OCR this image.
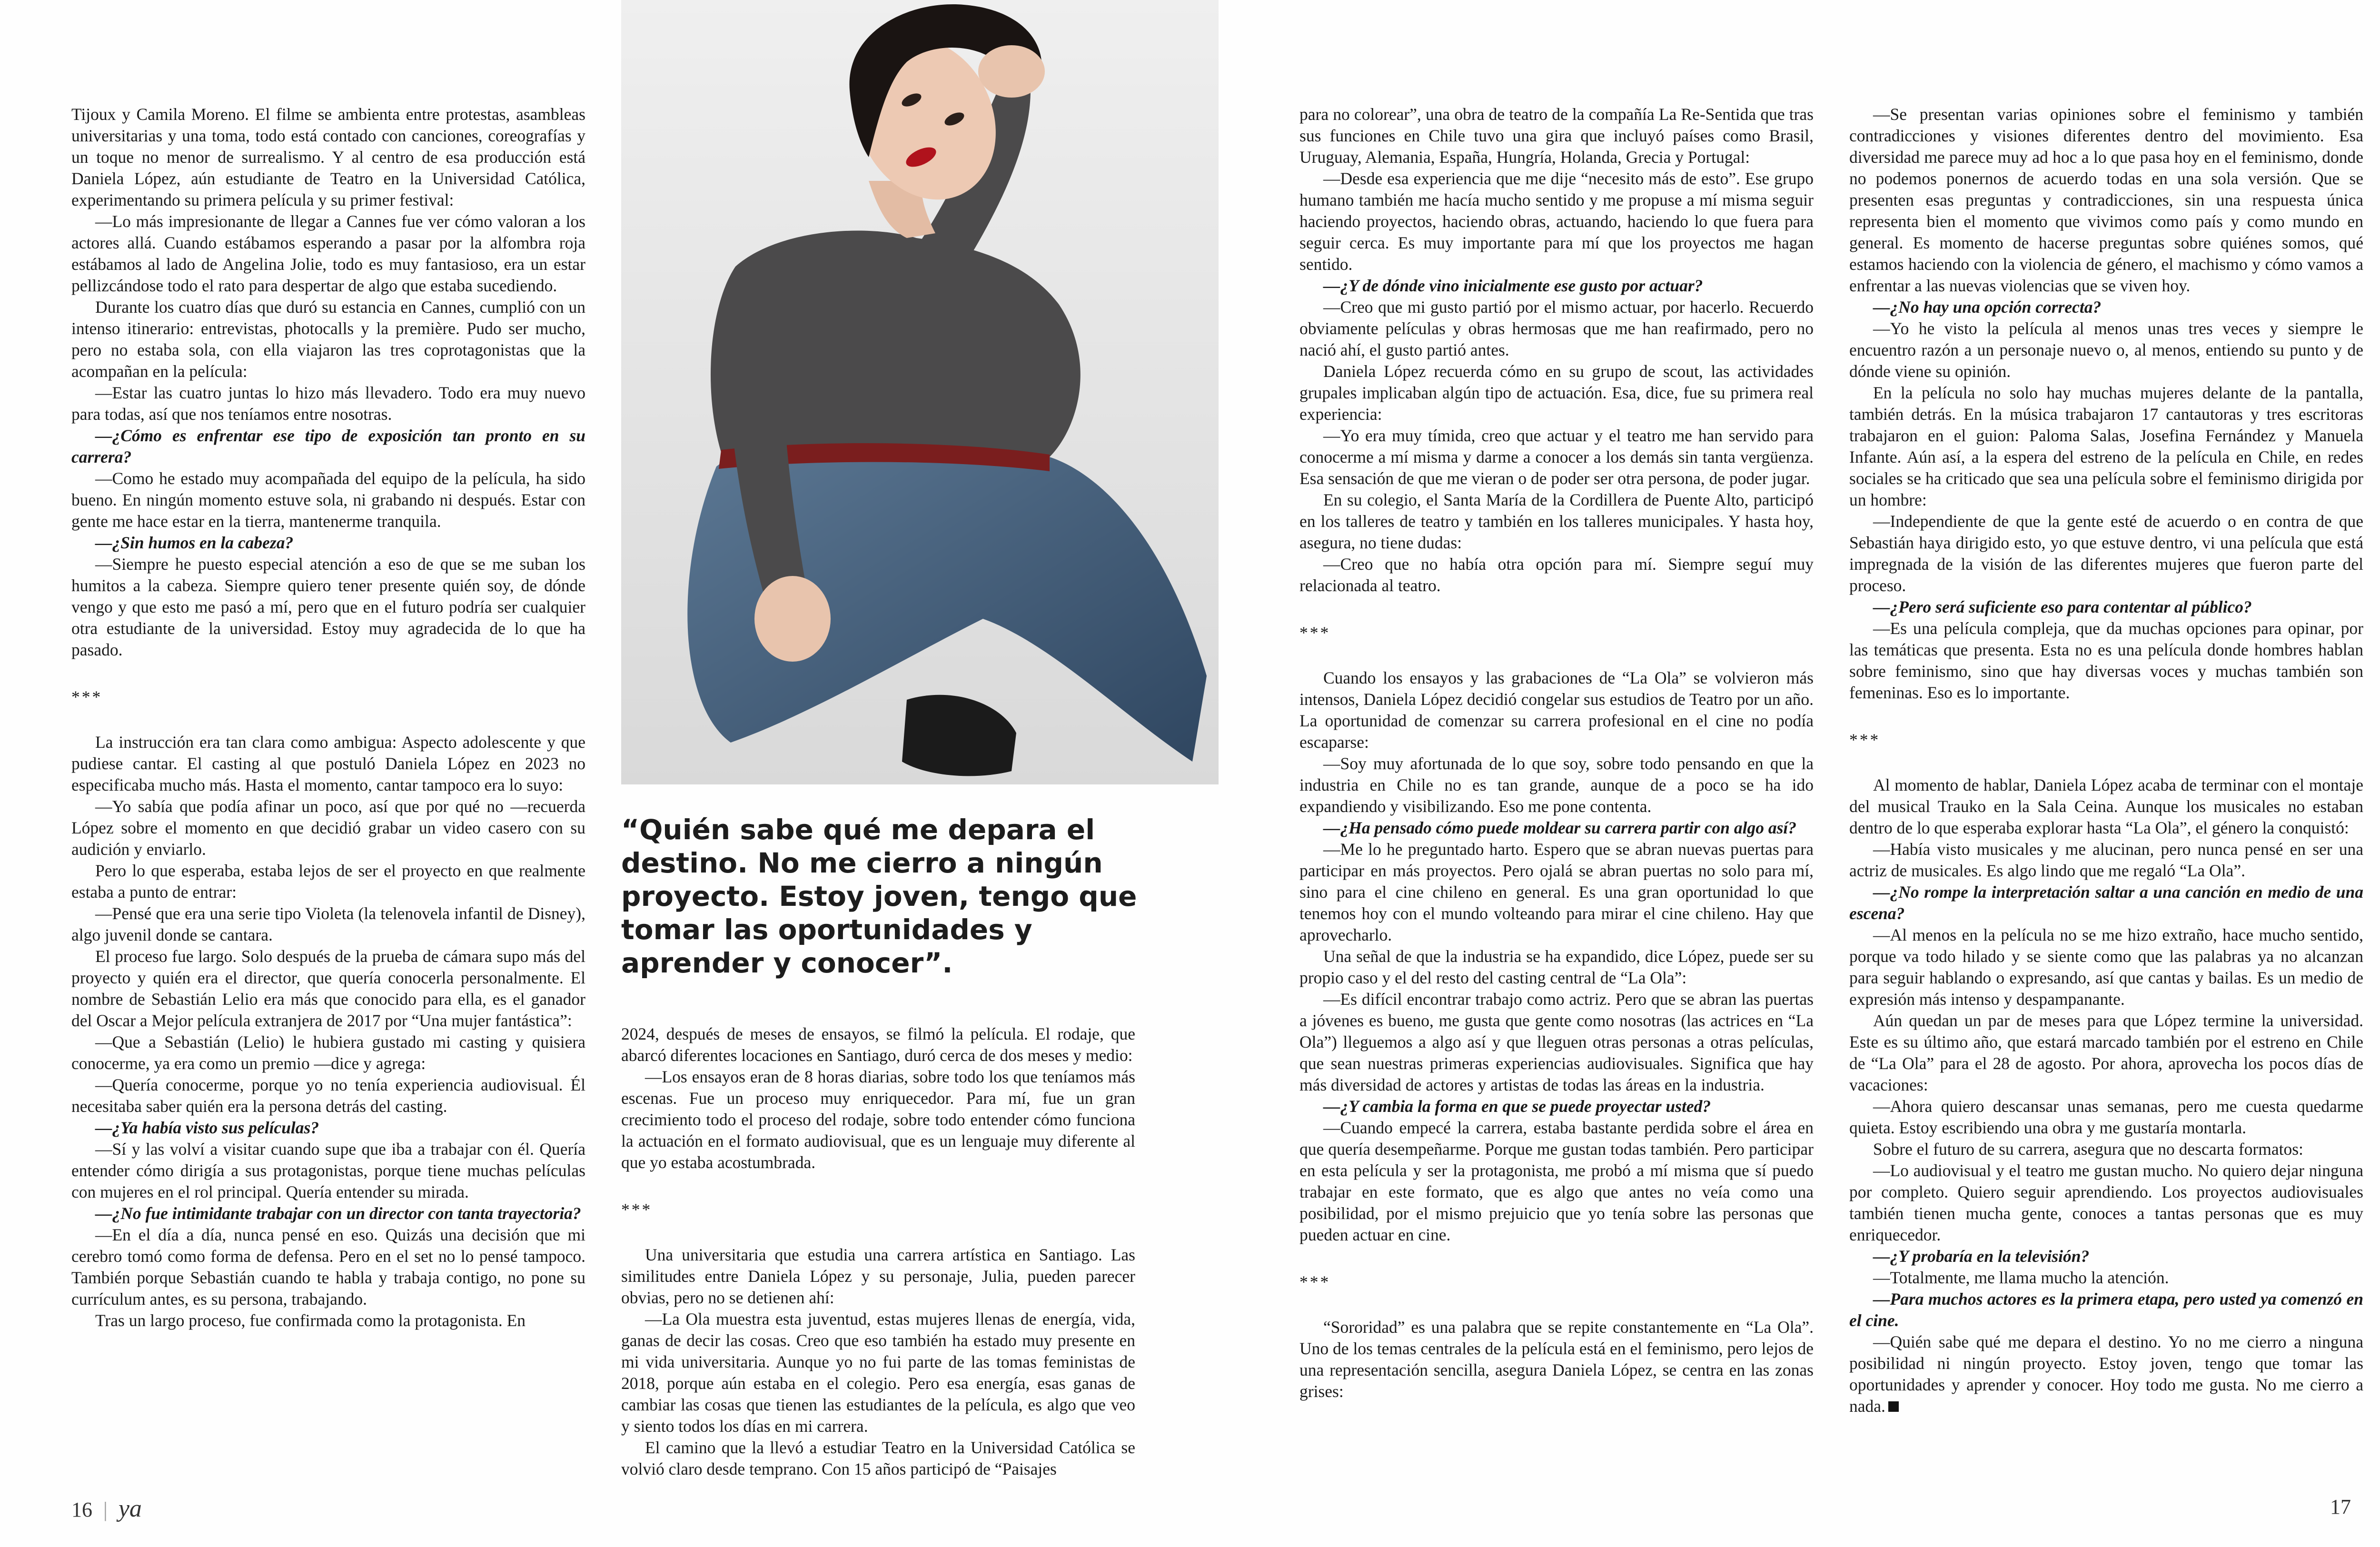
Tijoux y Camila Moreno. El filme se ambienta entre protestas, asambleas universitarias y una toma, todo está contado con canciones, coreografías y un toque no menor de surrealismo. Y al centro de esa producción está Daniela López, aún estudiante de Teatro en la Universidad Católica, experimentando su primera película y su primer festival:

—Lo más impresionante de llegar a Cannes fue ver cómo valoran a los actores allá. Cuando estábamos esperando a pasar por la alfombra roja estábamos al lado de Angelina Jolie, todo es muy fantasioso, era un estar pellizcándose todo el rato para despertar de algo que estaba sucediendo.

Durante los cuatro días que duró su estancia en Cannes, cumplió con un intenso itinerario: entrevistas, photocalls y la première. Pudo ser mucho, pero no estaba sola, con ella viajaron las tres coprotagonistas que la acompañan en la película:

—Estar las cuatro juntas lo hizo más llevadero. Todo era muy nuevo para todas, así que nos teníamos entre nosotras.

—¿Cómo es enfrentar ese tipo de exposición tan pronto en su carrera?

—Como he estado muy acompañada del equipo de la película, ha sido bueno. En ningún momento estuve sola, ni grabando ni después. Estar con gente me hace estar en la tierra, mantenerme tranquila.

—¿Sin humos en la cabeza?

—Siempre he puesto especial atención a eso de que se me suban los humitos a la cabeza. Siempre quiero tener presente quién soy, de dónde vengo y que esto me pasó a mí, pero que en el futuro podría ser cualquier otra estudiante de la universidad. Estoy muy agradecida de lo que ha pasado.

***

La instrucción era tan clara como ambigua: Aspecto adolescente y que pudiese cantar. El casting al que postuló Daniela López en 2023 no especificaba mucho más. Hasta el momento, cantar tampoco era lo suyo:

—Yo sabía que podía afinar un poco, así que por qué no —recuerda López sobre el momento en que decidió grabar un video casero con su audición y enviarlo.

Pero lo que esperaba, estaba lejos de ser el proyecto en que realmente estaba a punto de entrar:

—Pensé que era una serie tipo Violeta (la telenovela infantil de Disney), algo juvenil donde se cantara.

El proceso fue largo. Solo después de la prueba de cámara supo más del proyecto y quién era el director, que quería conocerla personalmente. El nombre de Sebastián Lelio era más que conocido para ella, es el ganador del Oscar a Mejor película extranjera de 2017 por “Una mujer fantástica”:

—Que a Sebastián (Lelio) le hubiera gustado mi casting y quisiera conocerme, ya era como un premio —dice y agrega:

—Quería conocerme, porque yo no tenía experiencia audiovisual. Él necesitaba saber quién era la persona detrás del casting.

—¿Ya había visto sus películas?

—Sí y las volví a visitar cuando supe que iba a trabajar con él. Quería entender cómo dirigía a sus protagonistas, porque tiene muchas películas con mujeres en el rol principal. Quería entender su mirada.

—¿No fue intimidante trabajar con un director con tanta trayectoria?

—En el día a día, nunca pensé en eso. Quizás una decisión que mi cerebro tomó como forma de defensa. Pero en el set no lo pensé tampoco. También porque Sebastián cuando te habla y trabaja contigo, no pone su currículum antes, es su persona, trabajando.

Tras un largo proceso, fue confirmada como la protagonista. En

“Quién sabe qué me depara el destino. No me cierro a ningún proyecto. Estoy joven, tengo que tomar las oportunidades y aprender y conocer”.

2024, después de meses de ensayos, se filmó la película. El rodaje, que abarcó diferentes locaciones en Santiago, duró cerca de dos meses y medio:

—Los ensayos eran de 8 horas diarias, sobre todo los que teníamos más escenas. Fue un proceso muy enriquecedor. Para mí, fue un gran crecimiento todo el proceso del rodaje, sobre todo entender cómo funciona la actuación en el formato audiovisual, que es un lenguaje muy diferente al que yo estaba acostumbrada.

***

Una universitaria que estudia una carrera artística en Santiago. Las similitudes entre Daniela López y su personaje, Julia, pueden parecer obvias, pero no se detienen ahí:

—La Ola muestra esta juventud, estas mujeres llenas de energía, vida, ganas de decir las cosas. Creo que eso también ha estado muy presente en mi vida universitaria. Aunque yo no fui parte de las tomas feministas de 2018, porque aún estaba en el colegio. Pero esa energía, esas ganas de cambiar las cosas que tienen las estudiantes de la película, es algo que veo y siento todos los días en mi carrera.

El camino que la llevó a estudiar Teatro en la Universidad Católica se volvió claro desde temprano. Con 15 años participó de “Paisajes

para no colorear”, una obra de teatro de la compañía La Re-Sentida que tras sus funciones en Chile tuvo una gira que incluyó países como Brasil, Uruguay, Alemania, España, Hungría, Holanda, Grecia y Portugal:

—Desde esa experiencia que me dije “necesito más de esto”. Ese grupo humano también me hacía mucho sentido y me propuse a mí misma seguir haciendo proyectos, haciendo obras, actuando, haciendo lo que fuera para seguir cerca. Es muy importante para mí que los proyectos me hagan sentido.

—¿Y de dónde vino inicialmente ese gusto por actuar?

—Creo que mi gusto partió por el mismo actuar, por hacerlo. Recuerdo obviamente películas y obras hermosas que me han reafirmado, pero no nació ahí, el gusto partió antes.

Daniela López recuerda cómo en su grupo de scout, las actividades grupales implicaban algún tipo de actuación. Esa, dice, fue su primera real experiencia:

—Yo era muy tímida, creo que actuar y el teatro me han servido para conocerme a mí misma y darme a conocer a los demás sin tanta vergüenza. Esa sensación de que me vieran o de poder ser otra persona, de poder jugar.

En su colegio, el Santa María de la Cordillera de Puente Alto, participó en los talleres de teatro y también en los talleres municipales. Y hasta hoy, asegura, no tiene dudas:

—Creo que no había otra opción para mí. Siempre seguí muy relacionada al teatro.

***

Cuando los ensayos y las grabaciones de “La Ola” se volvieron más intensos, Daniela López decidió congelar sus estudios de Teatro por un año. La oportunidad de comenzar su carrera profesional en el cine no podía escaparse:

—Soy muy afortunada de lo que soy, sobre todo pensando en que la industria en Chile no es tan grande, aunque de a poco se ha ido expandiendo y visibilizando. Eso me pone contenta.

—¿Ha pensado cómo puede moldear su carrera partir con algo así?

—Me lo he preguntado harto. Espero que se abran nuevas puertas para participar en más proyectos. Pero ojalá se abran puertas no solo para mí, sino para el cine chileno en general. Es una gran oportunidad lo que tenemos hoy con el mundo volteando para mirar el cine chileno. Hay que aprovecharlo.

Una señal de que la industria se ha expandido, dice López, puede ser su propio caso y el del resto del casting central de “La Ola”:

—Es difícil encontrar trabajo como actriz. Pero que se abran las puertas a jóvenes es bueno, me gusta que gente como nosotras (las actrices en “La Ola”) lleguemos a algo así y que lleguen otras personas a otras películas, que sean nuestras primeras experiencias audiovisuales. Significa que hay más diversidad de actores y artistas de todas las áreas en la industria.

—¿Y cambia la forma en que se puede proyectar usted?

—Cuando empecé la carrera, estaba bastante perdida sobre el área en que quería desempeñarme. Porque me gustan todas también. Pero participar en esta película y ser la protagonista, me probó a mí misma que sí puedo trabajar en este formato, que es algo que antes no veía como una posibilidad, por el mismo prejuicio que yo tenía sobre las personas que pueden actuar en cine.

***

“Sororidad” es una palabra que se repite constantemente en “La Ola”. Uno de los temas centrales de la película está en el feminismo, pero lejos de una representación sencilla, asegura Daniela López, se centra en las zonas grises:

—Se presentan varias opiniones sobre el feminismo y también contradicciones y visiones diferentes dentro del movimiento. Esa diversidad me parece muy ad hoc a lo que pasa hoy en el feminismo, donde no podemos ponernos de acuerdo todas en una sola versión. Que se presenten esas preguntas y contradicciones, sin una respuesta única representa bien el momento que vivimos como país y como mundo en general. Es momento de hacerse preguntas sobre quiénes somos, qué estamos haciendo con la violencia de género, el machismo y cómo vamos a enfrentar a las nuevas violencias que se viven hoy.

—¿No hay una opción correcta?

—Yo he visto la película al menos unas tres veces y siempre le encuentro razón a un personaje nuevo o, al menos, entiendo su punto y de dónde viene su opinión.

En la película no solo hay muchas mujeres delante de la pantalla, también detrás. En la música trabajaron 17 cantautoras y tres escritoras trabajaron en el guion: Paloma Salas, Josefina Fernández y Manuela Infante. Aún así, a la espera del estreno de la película en Chile, en redes sociales se ha criticado que sea una película sobre el feminismo dirigida por un hombre:

—Independiente de que la gente esté de acuerdo o en contra de que Sebastián haya dirigido esto, yo que estuve dentro, vi una película que está impregnada de la visión de las diferentes mujeres que fueron parte del proceso.

—¿Pero será suficiente eso para contentar al público?

—Es una película compleja, que da muchas opciones para opinar, por las temáticas que presenta. Esta no es una película donde hombres hablan sobre feminismo, sino que hay diversas voces y muchas también son femeninas. Eso es lo importante.

***

Al momento de hablar, Daniela López acaba de terminar con el montaje del musical Trauko en la Sala Ceina. Aunque los musicales no estaban dentro de lo que esperaba explorar hasta “La Ola”, el género la conquistó:

—Había visto musicales y me alucinan, pero nunca pensé en ser una actriz de musicales. Es algo lindo que me regaló “La Ola”.

—¿No rompe la interpretación saltar a una canción en medio de una escena?

—Al menos en la película no se me hizo extraño, hace mucho sentido, porque va todo hilado y se siente como que las palabras ya no alcanzan para seguir hablando o expresando, así que cantas y bailas. Es un medio de expresión más intenso y despampanante.

Aún quedan un par de meses para que López termine la universidad. Este es su último año, que estará marcado también por el estreno en Chile de “La Ola” para el 28 de agosto. Por ahora, aprovecha los pocos días de vacaciones:

—Ahora quiero descansar unas semanas, pero me cuesta quedarme quieta. Estoy escribiendo una obra y me gustaría montarla.

Sobre el futuro de su carrera, asegura que no descarta formatos:

—Lo audiovisual y el teatro me gustan mucho. No quiero dejar ninguna por completo. Quiero seguir aprendiendo. Los proyectos audiovisuales también tienen mucha gente, conoces a tantas personas que es muy enriquecedor.

—¿Y probaría en la televisión?

—Totalmente, me llama mucho la atención.

—Para muchos actores es la primera etapa, pero usted ya comenzó en el cine.

—Quién sabe qué me depara el destino. Yo no me cierro a ninguna posibilidad ni ningún proyecto. Estoy joven, tengo que tomar las oportunidades y aprender y conocer. Hoy todo me gusta. No me cierro a nada.

16 | ya	17
